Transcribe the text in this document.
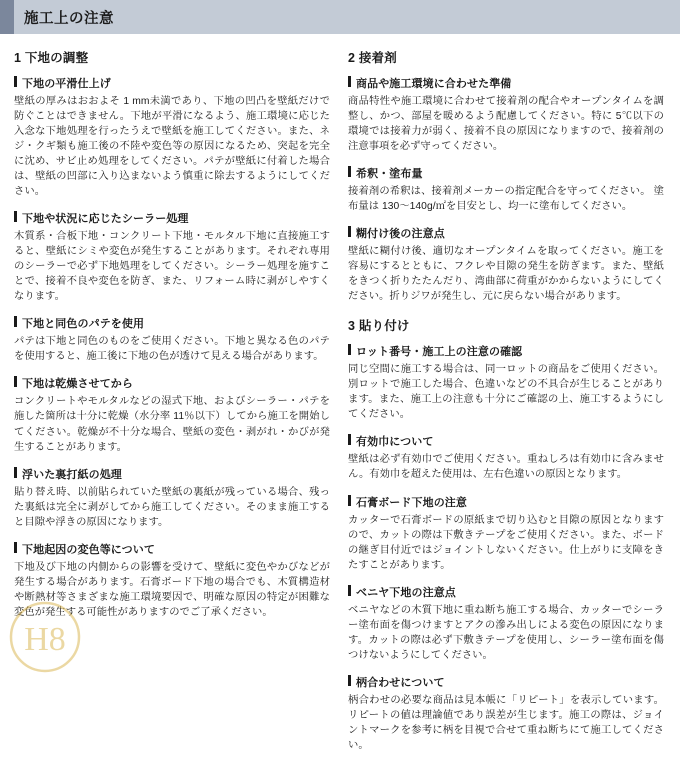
施工上の注意
1 下地の調整
下地の平滑仕上げ

壁紙の厚みはおおよそ 1 mm未満であり、下地の凹凸を壁紙だけで防ぐことはできません。下地が平滑になるよう、施工環境に応じた入念な下地処理を行ったうえで壁紙を施工してください。また、ネジ・クギ類も施工後の不陸や変色等の原因になるため、突起を完全に沈め、サビ止め処理をしてください。パテが壁紙に付着した場合は、壁紙の凹部に入り込まないよう慎重に除去するようにしてください。

下地や状況に応じたシーラー処理

木質系・合板下地・コンクリート下地・モルタル下地に直接施工すると、壁紙にシミや変色が発生することがあります。それぞれ専用のシーラーで必ず下地処理をしてください。シーラー処理を施すことで、接着不良や変色を防ぎ、また、リフォーム時に剥がしやすくなります。

下地と同色のパテを使用

パテは下地と同色のものをご使用ください。下地と異なる色のパテを使用すると、施工後に下地の色が透けて見える場合があります。

下地は乾燥させてから

コンクリートやモルタルなどの湿式下地、およびシーラー・パテを施した箇所は十分に乾燥（水分率 11％以下）してから施工を開始してください。乾燥が不十分な場合、壁紙の変色・剥がれ・かびが発生することがあります。

浮いた裏打紙の処理

貼り替え時、以前貼られていた壁紙の裏紙が残っている場合、残った裏紙は完全に剥がしてから施工してください。そのまま施工すると目隙や浮きの原因になります。

下地起因の変色等について

下地及び下地の内側からの影響を受けて、壁紙に変色やかびなどが発生する場合があります。石膏ボード下地の場合でも、木質構造材や断熱材等さまざまな施工環境要因で、明確な原因の特定が困難な変色が発生する可能性がありますのでご了承ください。

2 接着剤
商品や施工環境に合わせた準備

商品特性や施工環境に合わせて接着剤の配合やオープンタイムを調整し、かつ、部屋を暖めるよう配慮してください。特に 5℃以下の環境では接着力が弱く、接着不良の原因になりますので、接着剤の注意事項を必ず守ってください。

希釈・塗布量

接着剤の希釈は、接着剤メーカーの指定配合を守ってください。 塗布量は 130〜140g/㎡を目安とし、均一に塗布してください。

糊付け後の注意点

壁紙に糊付け後、適切なオープンタイムを取ってください。施工を容易にするとともに、フクレや目隙の発生を防ぎます。また、壁紙をきつく折りたたんだり、湾曲部に荷重がかからないようにしてください。折りジワが発生し、元に戻らない場合があります。

3 貼り付け
ロット番号・施工上の注意の確認

同じ空間に施工する場合は、同一ロットの商品をご使用ください。別ロットで施工した場合、色違いなどの不具合が生じることがあります。また、施工上の注意も十分にご確認の上、施工するようにしてください。

有効巾について

壁紙は必ず有効巾でご使用ください。重ねしろは有効巾に含みません。有効巾を超えた使用は、左右色違いの原因となります。

石膏ボード下地の注意

カッターで石膏ボードの原紙まで切り込むと目隙の原因となりますので、カットの際は下敷きテープをご使用ください。また、ボードの継ぎ目付近ではジョイントしないください。仕上がりに支障をきたすことがあります。

ベニヤ下地の注意点

ベニヤなどの木質下地に重ね断ち施工する場合、カッターでシーラー塗布面を傷つけますとアクの滲み出しによる変色の原因になります。カットの際は必ず下敷きテープを使用し、シーラー塗布面を傷つけないようにしてください。

柄合わせについて

柄合わせの必要な商品は見本帳に「リピート」を表示しています。 リピートの値は理論値であり誤差が生じます。施工の際は、ジョイントマークを参考に柄を目視で合せて重ね断ちにて施工してください。

H8
